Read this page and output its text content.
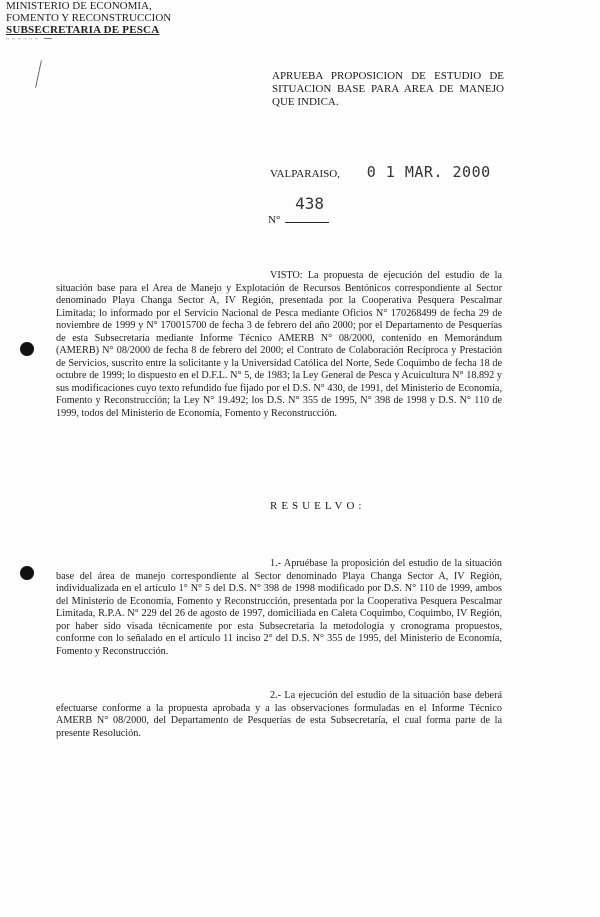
MINISTERIO DE ECONOMIA,
FOMENTO Y RECONSTRUCCION
SUBSECRETARIA DE PESCA
~ ~ ~ ~ ~ ~
APRUEBA PROPOSICION DE ESTUDIO DE SITUACION BASE PARA AREA DE MANEJO QUE INDICA.
VALPARAISO, 0 1 MAR. 2000
N°
438
VISTO: La propuesta de ejecución del estudio de la situación base para el Area de Manejo y Explotación de Recursos Bentónicos correspondiente al Sector denominado Playa Changa Sector A, IV Región, presentada por la Cooperativa Pesquera Pescalmar Limitada; lo informado por el Servicio Nacional de Pesca mediante Oficios N° 170268499 de fecha 29 de noviembre de 1999 y N° 170015700 de fecha 3 de febrero del año 2000; por el Departamento de Pesquerías de esta Subsecretaría mediante Informe Técnico AMERB N° 08/2000, contenido en Memorándum (AMERB) N° 08/2000 de fecha 8 de febrero del 2000; el Contrato de Colaboración Recíproca y Prestación de Servicios, suscrito entre la solicitante y la Universidad Católica del Norte, Sede Coquimbo de fecha 18 de octubre de 1999; lo dispuesto en el D.F.L. N° 5, de 1983; la Ley General de Pesca y Acuicultura N° 18.892 y sus modificaciones cuyo texto refundido fue fijado por el D.S. N° 430, de 1991, del Ministerio de Economía, Fomento y Reconstrucción; la Ley N° 19.492; los D.S. N° 355 de 1995, N° 398 de 1998 y D.S. N° 110 de 1999, todos del Ministerio de Economía, Fomento y Reconstrucción.
RESUELVO:
1.- Apruébase la proposición del estudio de la situación base del área de manejo correspondiente al Sector denominado Playa Changa Sector A, IV Región, individualizada en el artículo 1° N° 5 del D.S. N° 398 de 1998 modificado por D.S. N° 110 de 1999, ambos del Ministerio de Economía, Fomento y Reconstrucción, presentada por la Cooperativa Pesquera Pescalmar Limitada, R.P.A. N° 229 del 26 de agosto de 1997, domiciliada en Caleta Coquimbo, Coquimbo, IV Región, por haber sido visada técnicamente por esta Subsecretaría la metodología y cronograma propuestos, conforme con lo señalado en el artículo 11 inciso 2° del D.S. N° 355 de 1995, del Ministerio de Economía, Fomento y Reconstrucción.
2.- La ejecución del estudio de la situación base deberá efectuarse conforme a la propuesta aprobada y a las observaciones formuladas en el Informe Técnico AMERB N° 08/2000, del Departamento de Pesquerías de esta Subsecretaría, el cual forma parte de la presente Resolución.
